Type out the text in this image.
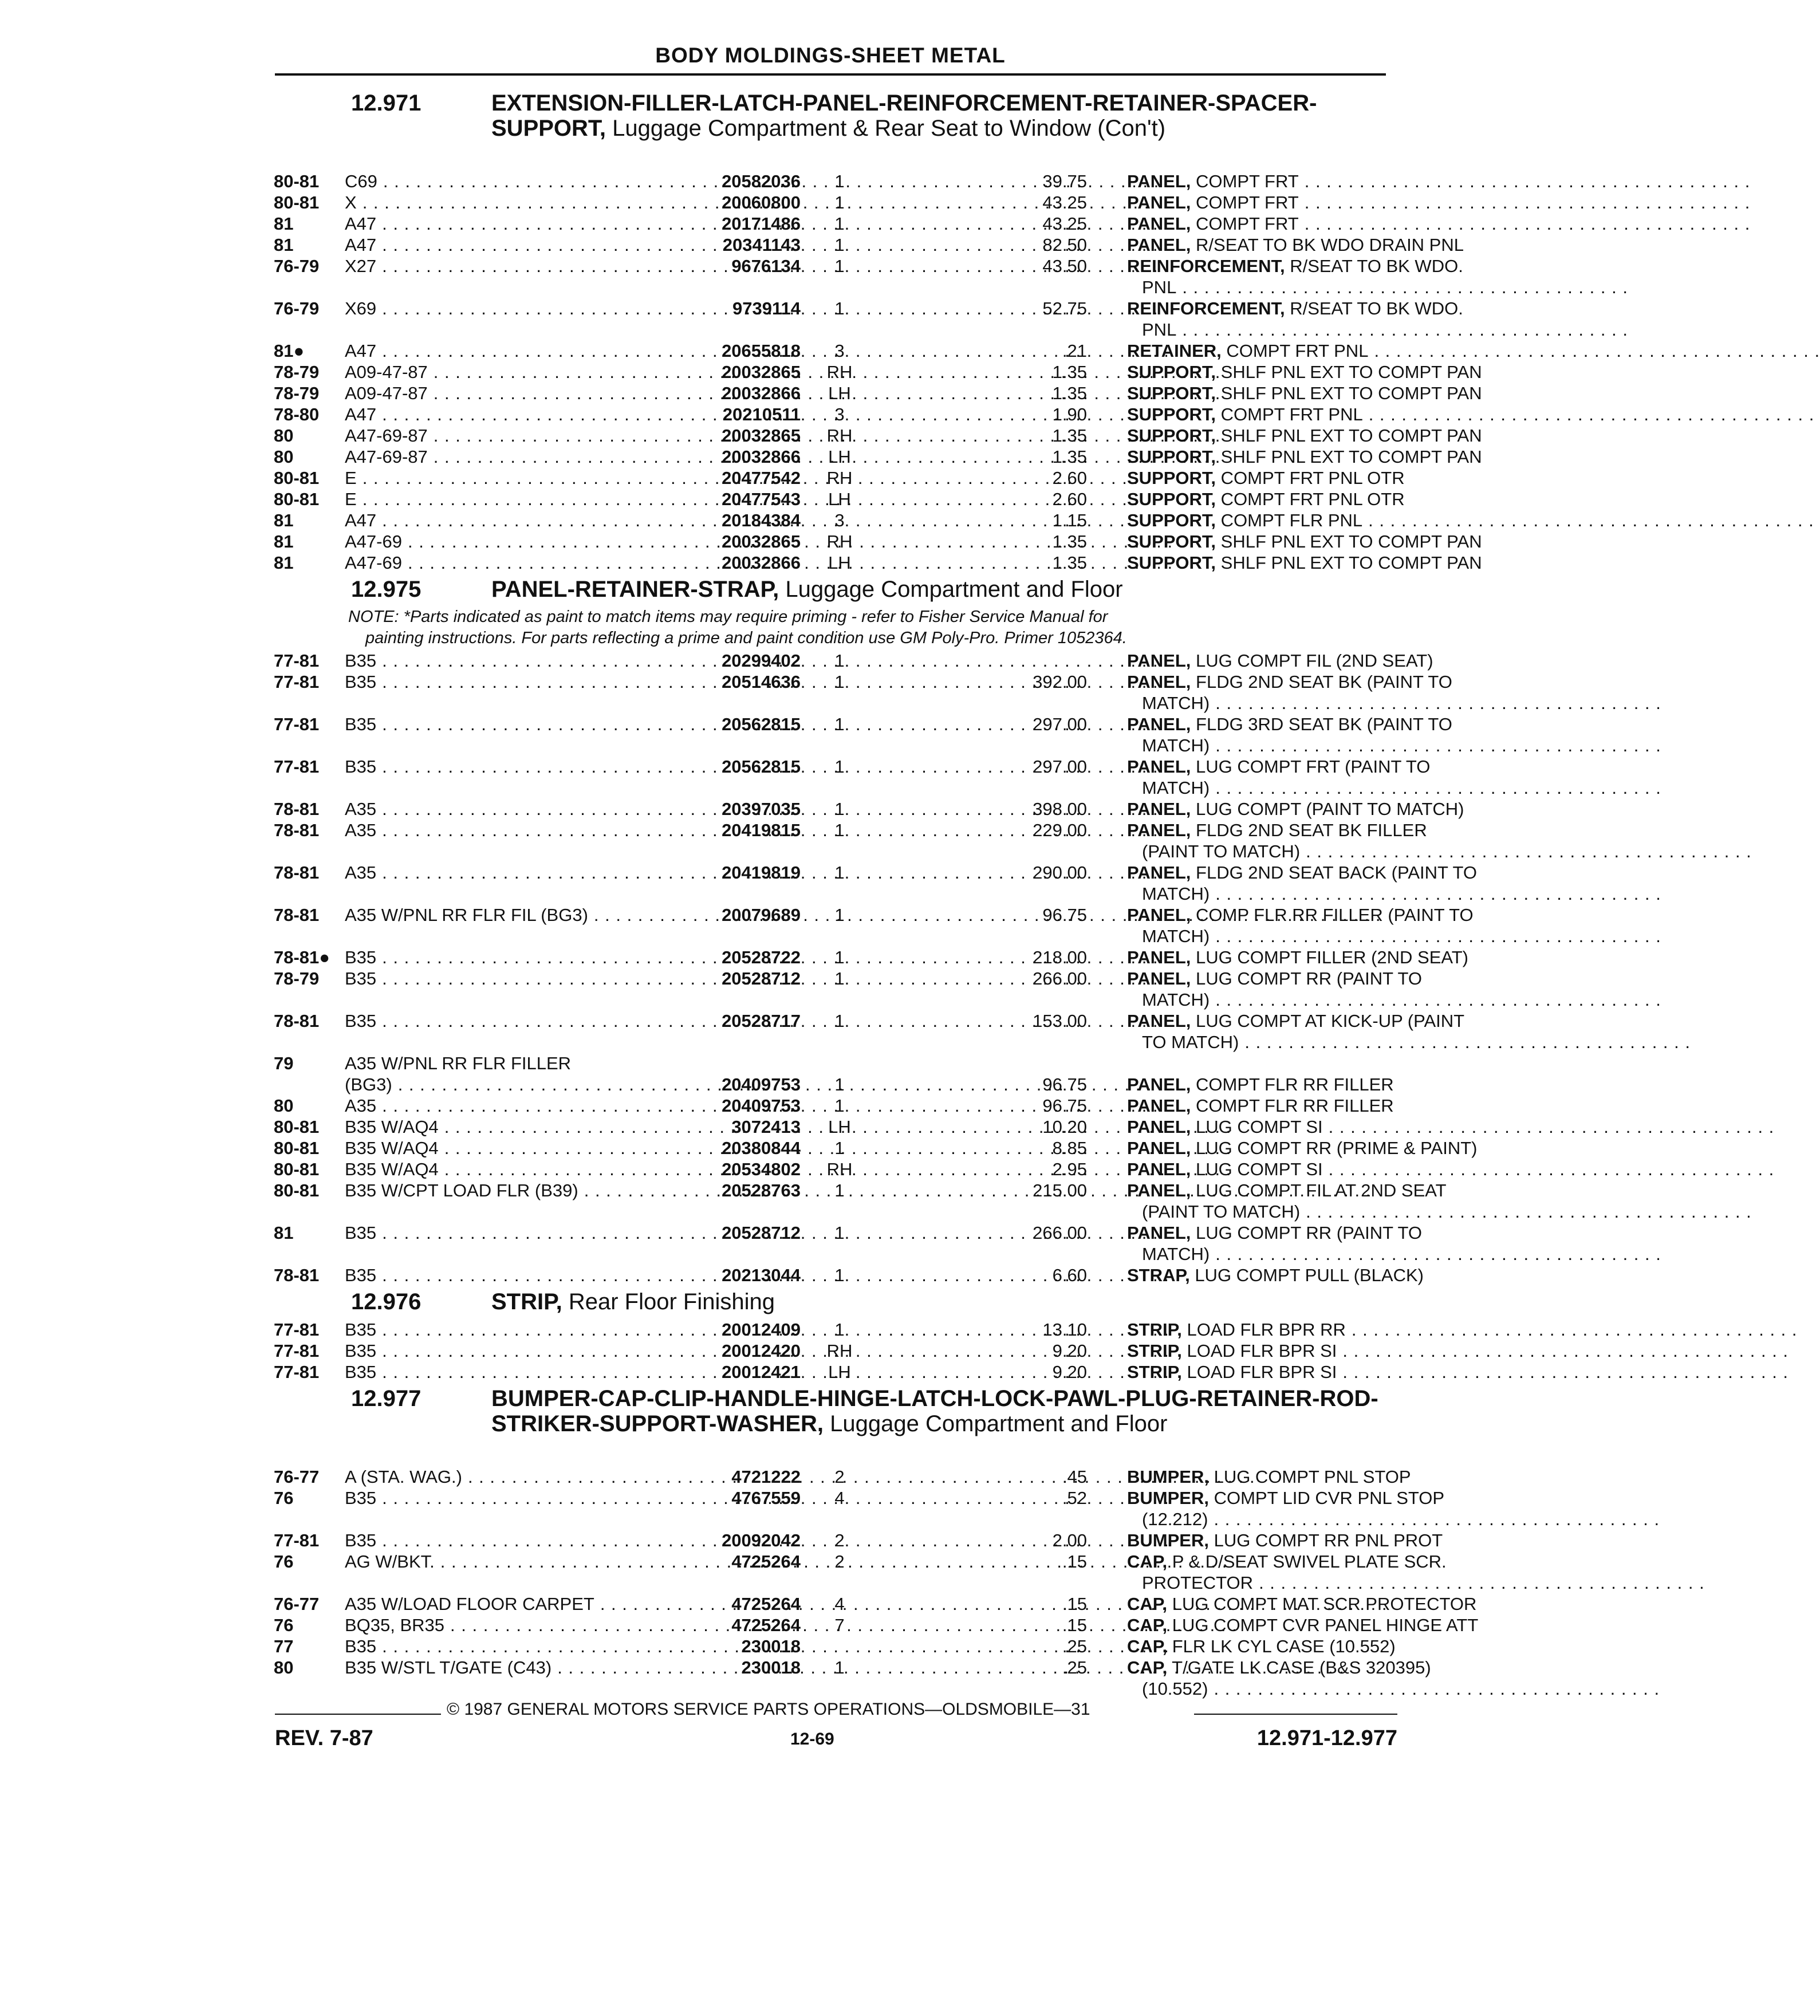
BODY MOLDINGS-SHEET METAL
12.971	EXTENSION-FILLER-LATCH-PANEL-REINFORCEMENT-RETAINER-SPACER-SUPPORT, Luggage Compartment & Rear Seat to Window (Con't)
80-81	C69 . . .	20582036	1	39.75 PANEL, COMPT FRT
. . .
80-81	X . . .	20060800	1	43.25 PANEL, COMPT FRT
. . .
81	A47 . . .	20171486	1	43.25 PANEL, COMPT FRT
. . .
81	A47 . . .	20341143	1	82.50 PANEL, R/SEAT TO BK WDO DRAIN PNL
76-79	X27 . . .	9676134	1	43.50 REINFORCEMENT, R/SEAT TO BK WDO.
PNL
. . .
76-79	X69 . . .	9739114	1	52.75 REINFORCEMENT, R/SEAT TO BK WDO.
PNL
. . .
81●	A47 . . .	20655818	3	.21 RETAINER, COMPT FRT PNL
. . .
78-79	A09-47-87 . . .	20032865	RH	1.35 SUPPORT, SHLF PNL EXT TO COMPT PAN
78-79	A09-47-87 . . .	20032866	LH	1.35 SUPPORT, SHLF PNL EXT TO COMPT PAN
78-80	A47 . . .	20210511	3	1.90 SUPPORT, COMPT FRT PNL
. . .
80	A47-69-87 . . .	20032865	RH	1.35 SUPPORT, SHLF PNL EXT TO COMPT PAN
80	A47-69-87 . . .	20032866	LH	1.35 SUPPORT, SHLF PNL EXT TO COMPT PAN
80-81	E . . .	20477542	RH	2.60 SUPPORT, COMPT FRT PNL OTR
80-81	E . . .	20477543	LH	2.60 SUPPORT, COMPT FRT PNL OTR
81	A47 . . .	20184384	3	1.15 SUPPORT, COMPT FLR PNL
. . .
81	A47-69 . . .	20032865	RH	1.35 SUPPORT, SHLF PNL EXT TO COMPT PAN
81	A47-69 . . .	20032866	LH	1.35 SUPPORT, SHLF PNL EXT TO COMPT PAN
12.975	PANEL-RETAINER-STRAP, Luggage Compartment and Floor
NOTE: *Parts indicated as paint to match items may require priming - refer to Fisher Service Manual for
painting instructions. For parts reflecting a prime and paint condition use GM Poly-Pro. Primer 1052364.
77-81	B35 . . .	20299402	1	PANEL, LUG COMPT FIL (2ND SEAT)
77-81	B35 . . .	20514636	1	392.00 PANEL, FLDG 2ND SEAT BK (PAINT TO
MATCH)
. . .
77-81	B35 . . .	20562815	1	297.00 PANEL, FLDG 3RD SEAT BK (PAINT TO
MATCH)
. . .
77-81	B35 . . .	20562815	1	297.00 PANEL, LUG COMPT FRT (PAINT TO
MATCH)
. . .
78-81	A35 . . .	20397035	1	398.00 PANEL, LUG COMPT (PAINT TO MATCH)
78-81	A35 . . .	20419815	1	229.00 PANEL, FLDG 2ND SEAT BK FILLER
(PAINT TO MATCH)
. . .
78-81	A35 . . .	20419819	1	290.00 PANEL, FLDG 2ND SEAT BACK (PAINT TO
MATCH)
. . .
78-81	A35 W/PNL RR FLR FIL (BG3) . . .	20079689	1	96.75 PANEL, COMP FLR RR FILLER (PAINT TO
MATCH)
. . .
78-81● B35 . . .	20528722	1	218.00 PANEL, LUG COMPT FILLER (2ND SEAT)
78-79	B35 . . .	20528712	1	266.00 PANEL, LUG COMPT RR (PAINT TO
MATCH)
. . .
78-81	B35 . . .	20528717	1	153.00 PANEL, LUG COMPT AT KICK-UP (PAINT
TO MATCH)
. . .
79	A35 W/PNL RR FLR FILLER
(BG3) . . .	20409753	1	96.75 PANEL, COMPT FLR RR FILLER
80	A35 . . .	20409753	1	96.75 PANEL, COMPT FLR RR FILLER
80-81	B35 W/AQ4 . . .	3072413	LH	10.20 PANEL, LUG COMPT SI
. . .
80-81	B35 W/AQ4 . . .	20380844	1	8.85 PANEL, LUG COMPT RR (PRIME & PAINT)
80-81	B35 W/AQ4 . . .	20534802	RH	2.95 PANEL, LUG COMPT SI
. . .
80-81	B35 W/CPT LOAD FLR (B39) . . .	20528763	1	215.00 PANEL, LUG COMPT FIL AT 2ND SEAT
(PAINT TO MATCH)
. . .
81	B35 . . .	20528712	1	266.00 PANEL, LUG COMPT RR (PAINT TO
MATCH)
. . .
78-81	B35 . . .	20213044	1	6.60 STRAP, LUG COMPT PULL (BLACK)
12.976	STRIP, Rear Floor Finishing
77-81	B35 . . .	20012409	1	13.10 STRIP, LOAD FLR BPR RR
. . .
77-81	B35 . . .	20012420	RH	9.20 STRIP, LOAD FLR BPR SI
. . .
77-81	B35 . . .	20012421	LH	9.20 STRIP, LOAD FLR BPR SI
. . .
12.977	BUMPER-CAP-CLIP-HANDLE-HINGE-LATCH-LOCK-PAWL-PLUG-RETAINER-ROD-STRIKER-SUPPORT-WASHER, Luggage Compartment and Floor
76-77	A (STA. WAG.) . . .	4721222	2	.45 BUMPER, LUG COMPT PNL STOP
76	B35 . . .	4767559	4	.52 BUMPER, COMPT LID CVR PNL STOP
(12.212)
. . .
77-81	B35 . . .	20092042	2	2.00 BUMPER, LUG COMPT RR PNL PROT
76	AG W/BKT. . . .	4725264	2	.15 CAP, P & D/SEAT SWIVEL PLATE SCR.
PROTECTOR
. . .
76-77	A35 W/LOAD FLOOR CARPET . . .	4725264	4	.15 CAP, LUG COMPT MAT SCR PROTECTOR
76	BQ35, BR35 . . .	4725264	7	.15 CAP, LUG COMPT CVR PANEL HINGE ATT
77	B35 . . .	230018	.25 CAP, FLR LK CYL CASE (10.552)
80	B35 W/STL T/GATE (C43) . . .	230018	1	.25 CAP, T/GATE LK CASE (B&S 320395)
(10.552)
. . .
© 1987 GENERAL MOTORS SERVICE PARTS OPERATIONS—OLDSMOBILE—31
REV. 7-87	12-69	12.971-12.977
